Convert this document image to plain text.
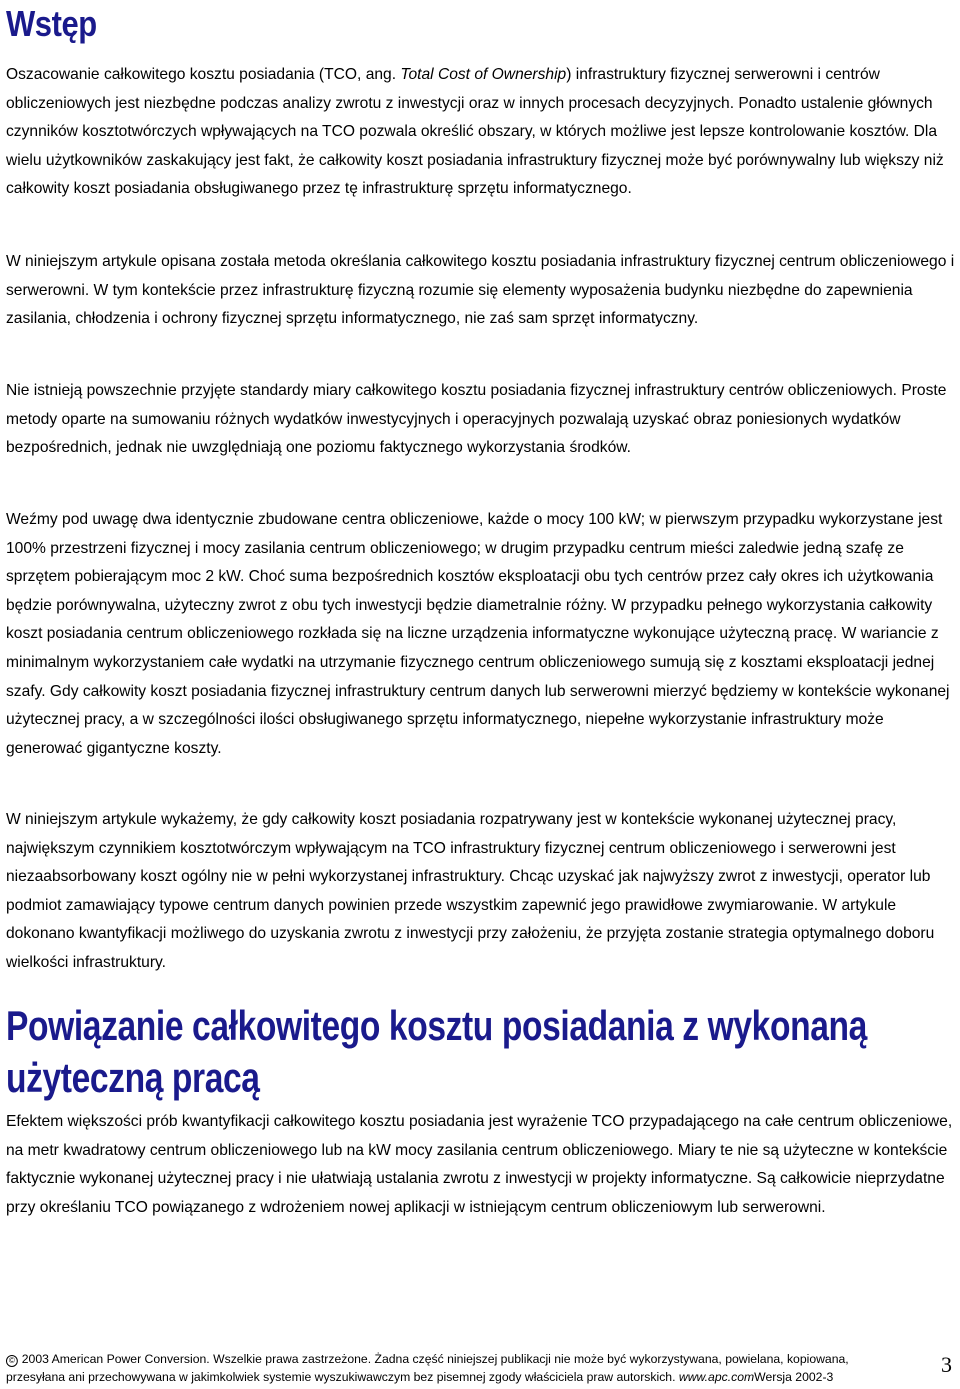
Wstęp

Oszacowanie całkowitego kosztu posiadania (TCO, ang. Total Cost of Ownership) infrastruktury fizycznej serwerowni i centrów obliczeniowych jest niezbędne podczas analizy zwrotu z inwestycji oraz w innych procesach decyzyjnych. Ponadto ustalenie głównych czynników kosztotwórczych wpływających na TCO pozwala określić obszary, w których możliwe jest lepsze kontrolowanie kosztów. Dla wielu użytkowników zaskakujący jest fakt, że całkowity koszt posiadania infrastruktury fizycznej może być porównywalny lub większy niż całkowity koszt posiadania obsługiwanego przez tę infrastrukturę sprzętu informatycznego.

W niniejszym artykule opisana została metoda określania całkowitego kosztu posiadania infrastruktury fizycznej centrum obliczeniowego i serwerowni. W tym kontekście przez infrastrukturę fizyczną rozumie się elementy wyposażenia budynku niezbędne do zapewnienia zasilania, chłodzenia i ochrony fizycznej sprzętu informatycznego, nie zaś sam sprzęt informatyczny.

Nie istnieją powszechnie przyjęte standardy miary całkowitego kosztu posiadania fizycznej infrastruktury centrów obliczeniowych. Proste metody oparte na sumowaniu różnych wydatków inwestycyjnych i operacyjnych pozwalają uzyskać obraz poniesionych wydatków bezpośrednich, jednak nie uwzględniają one poziomu faktycznego wykorzystania środków.

Weźmy pod uwagę dwa identycznie zbudowane centra obliczeniowe, każde o mocy 100 kW; w pierwszym przypadku wykorzystane jest 100% przestrzeni fizycznej i mocy zasilania centrum obliczeniowego; w drugim przypadku centrum mieści zaledwie jedną szafę ze sprzętem pobierającym moc 2 kW. Choć suma bezpośrednich kosztów eksploatacji obu tych centrów przez cały okres ich użytkowania będzie porównywalna, użyteczny zwrot z obu tych inwestycji będzie diametralnie różny. W przypadku pełnego wykorzystania całkowity koszt posiadania centrum obliczeniowego rozkłada się na liczne urządzenia informatyczne wykonujące użyteczną pracę. W wariancie z minimalnym wykorzystaniem całe wydatki na utrzymanie fizycznego centrum obliczeniowego sumują się z kosztami eksploatacji jednej szafy. Gdy całkowity koszt posiadania fizycznej infrastruktury centrum danych lub serwerowni mierzyć będziemy w kontekście wykonanej użytecznej pracy, a w szczególności ilości obsługiwanego sprzętu informatycznego, niepełne wykorzystanie infrastruktury może generować gigantyczne koszty.

W niniejszym artykule wykażemy, że gdy całkowity koszt posiadania rozpatrywany jest w kontekście wykonanej użytecznej pracy, największym czynnikiem kosztotwórczym wpływającym na TCO infrastruktury fizycznej centrum obliczeniowego i serwerowni jest niezaabsorbowany koszt ogólny nie w pełni wykorzystanej infrastruktury. Chcąc uzyskać jak najwyższy zwrot z inwestycji, operator lub podmiot zamawiający typowe centrum danych powinien przede wszystkim zapewnić jego prawidłowe zwymiarowanie. W artykule dokonano kwantyfikacji możliwego do uzyskania zwrotu z inwestycji przy założeniu, że przyjęta zostanie strategia optymalnego doboru wielkości infrastruktury.

Powiązanie całkowitego kosztu posiadania z wykonaną użyteczną pracą

Efektem większości prób kwantyfikacji całkowitego kosztu posiadania jest wyrażenie TCO przypadającego na całe centrum obliczeniowe, na metr kwadratowy centrum obliczeniowego lub na kW mocy zasilania centrum obliczeniowego. Miary te nie są użyteczne w kontekście faktycznie wykonanej użytecznej pracy i nie ułatwiają ustalania zwrotu z inwestycji w projekty informatyczne. Są całkowicie nieprzydatne przy określaniu TCO powiązanego z wdrożeniem nowej aplikacji w istniejącym centrum obliczeniowym lub serwerowni.

© 2003 American Power Conversion. Wszelkie prawa zastrzeżone. Żadna część niniejszej publikacji nie może być wykorzystywana, powielana, kopiowana, przesyłana ani przechowywana w jakimkolwiek systemie wyszukiwawczym bez pisemnej zgody właściciela praw autorskich. www.apc.comWersja 2002-3	3
